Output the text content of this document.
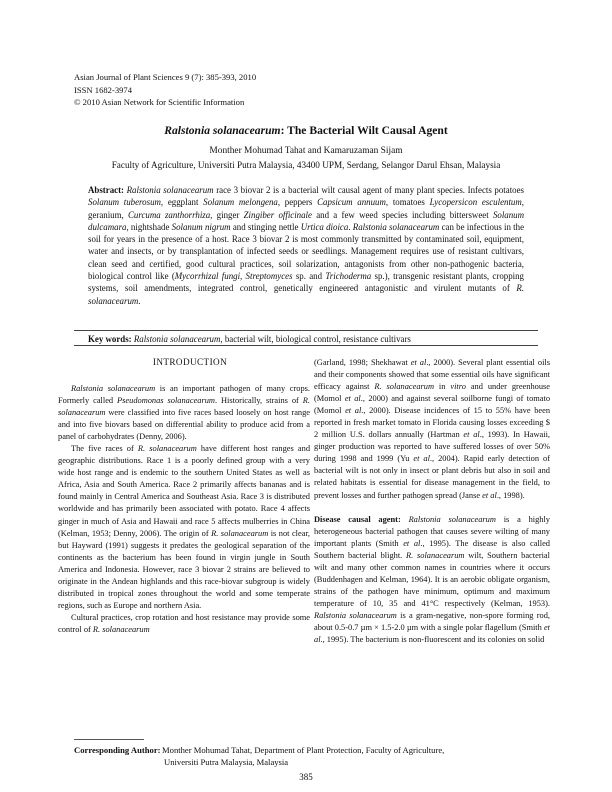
Asian Journal of Plant Sciences 9 (7): 385-393, 2010
ISSN 1682-3974
© 2010 Asian Network for Scientific Information
Ralstonia solanacearum: The Bacterial Wilt Causal Agent
Monther Mohumad Tahat and Kamaruzaman Sijam
Faculty of Agriculture, Universiti Putra Malaysia, 43400 UPM, Serdang, Selangor Darul Ehsan, Malaysia
Abstract: Ralstonia solanacearum race 3 biovar 2 is a bacterial wilt causal agent of many plant species. Infects potatoes Solanum tuberosum, eggplant Solanum melongena, peppers Capsicum annuum, tomatoes Lycopersicon esculentum, geranium, Curcuma zanthorrhiza, ginger Zingiber officinale and a few weed species including bittersweet Solanum dulcamara, nightshade Solanum nigrum and stinging nettle Urtica dioica. Ralstonia solanacearum can be infectious in the soil for years in the presence of a host. Race 3 biovar 2 is most commonly transmitted by contaminated soil, equipment, water and insects, or by transplantation of infected seeds or seedlings. Management requires use of resistant cultivars, clean seed and certified, good cultural practices, soil solarization, antagonists from other non-pathogenic bacteria, biological control like (Mycorrhizal fungi, Streptomyces sp. and Trichoderma sp.), transgenic resistant plants, cropping systems, soil amendments, integrated control, genetically engineered antagonistic and virulent mutants of R. solanacearum.
Key words: Ralstonia solanacearum, bacterial wilt, biological control, resistance cultivars
INTRODUCTION

Ralstonia solanacearum is an important pathogen of many crops. Formerly called Pseudomonas solanacearum. Historically, strains of R. solanacearum were classified into five races based loosely on host range and into five biovars based on differential ability to produce acid from a panel of carbohydrates (Denny, 2006).

The five races of R. solanacearum have different host ranges and geographic distributions. Race 1 is a poorly defined group with a very wide host range and is endemic to the southern United States as well as Africa, Asia and South America. Race 2 primarily affects bananas and is found mainly in Central America and Southeast Asia. Race 3 is distributed worldwide and has primarily been associated with potato. Race 4 affects ginger in much of Asia and Hawaii and race 5 affects mulberries in China (Kelman, 1953; Denny, 2006). The origin of R. solanacearum is not clear, but Hayward (1991) suggests it predates the geological separation of the continents as the bacterium has been found in virgin jungle in South America and Indonesia. However, race 3 biovar 2 strains are believed to originate in the Andean highlands and this race-biovar subgroup is widely distributed in tropical zones throughout the world and some temperate regions, such as Europe and northern Asia.

Cultural practices, crop rotation and host resistance may provide some control of R. solanacearum

(Garland, 1998; Shekhawat et al., 2000). Several plant essential oils and their components showed that some essential oils have significant efficacy against R. solanacearum in vitro and under greenhouse (Momol et al., 2000) and against several soilborne fungi of tomato (Momol et al., 2000). Disease incidences of 15 to 55% have been reported in fresh market tomato in Florida causing losses exceeding $ 2 million U.S. dollars annually (Hartman et al., 1993). In Hawaii, ginger production was reported to have suffered losses of over 50% during 1998 and 1999 (Yu et al., 2004). Rapid early detection of bacterial wilt is not only in insect or plant debris but also in soil and related habitats is essential for disease management in the field, to prevent losses and further pathogen spread (Janse et al., 1998).

Disease causal agent: Ralstonia solanacearum is a highly heterogeneous bacterial pathogen that causes severe wilting of many important plants (Smith et al., 1995). The disease is also called Southern bacterial blight. R. solanacearum wilt, Southern bacterial wilt and many other common names in countries where it occurs (Buddenhagen and Kelman, 1964). It is an aerobic obligate organism, strains of the pathogen have minimum, optimum and maximum temperature of 10, 35 and 41°C respectively (Kelman, 1953). Ralstonia solanacearum is a gram-negative, non-spore forming rod, about 0.5-0.7 µm × 1.5-2.0 µm with a single polar flagellum (Smith et al., 1995). The bacterium is non-fluorescent and its colonies on solid

Corresponding Author:Monther Mohumad Tahat, Department of Plant Protection, Faculty of Agriculture,
Universiti Putra Malaysia, Malaysia
385
